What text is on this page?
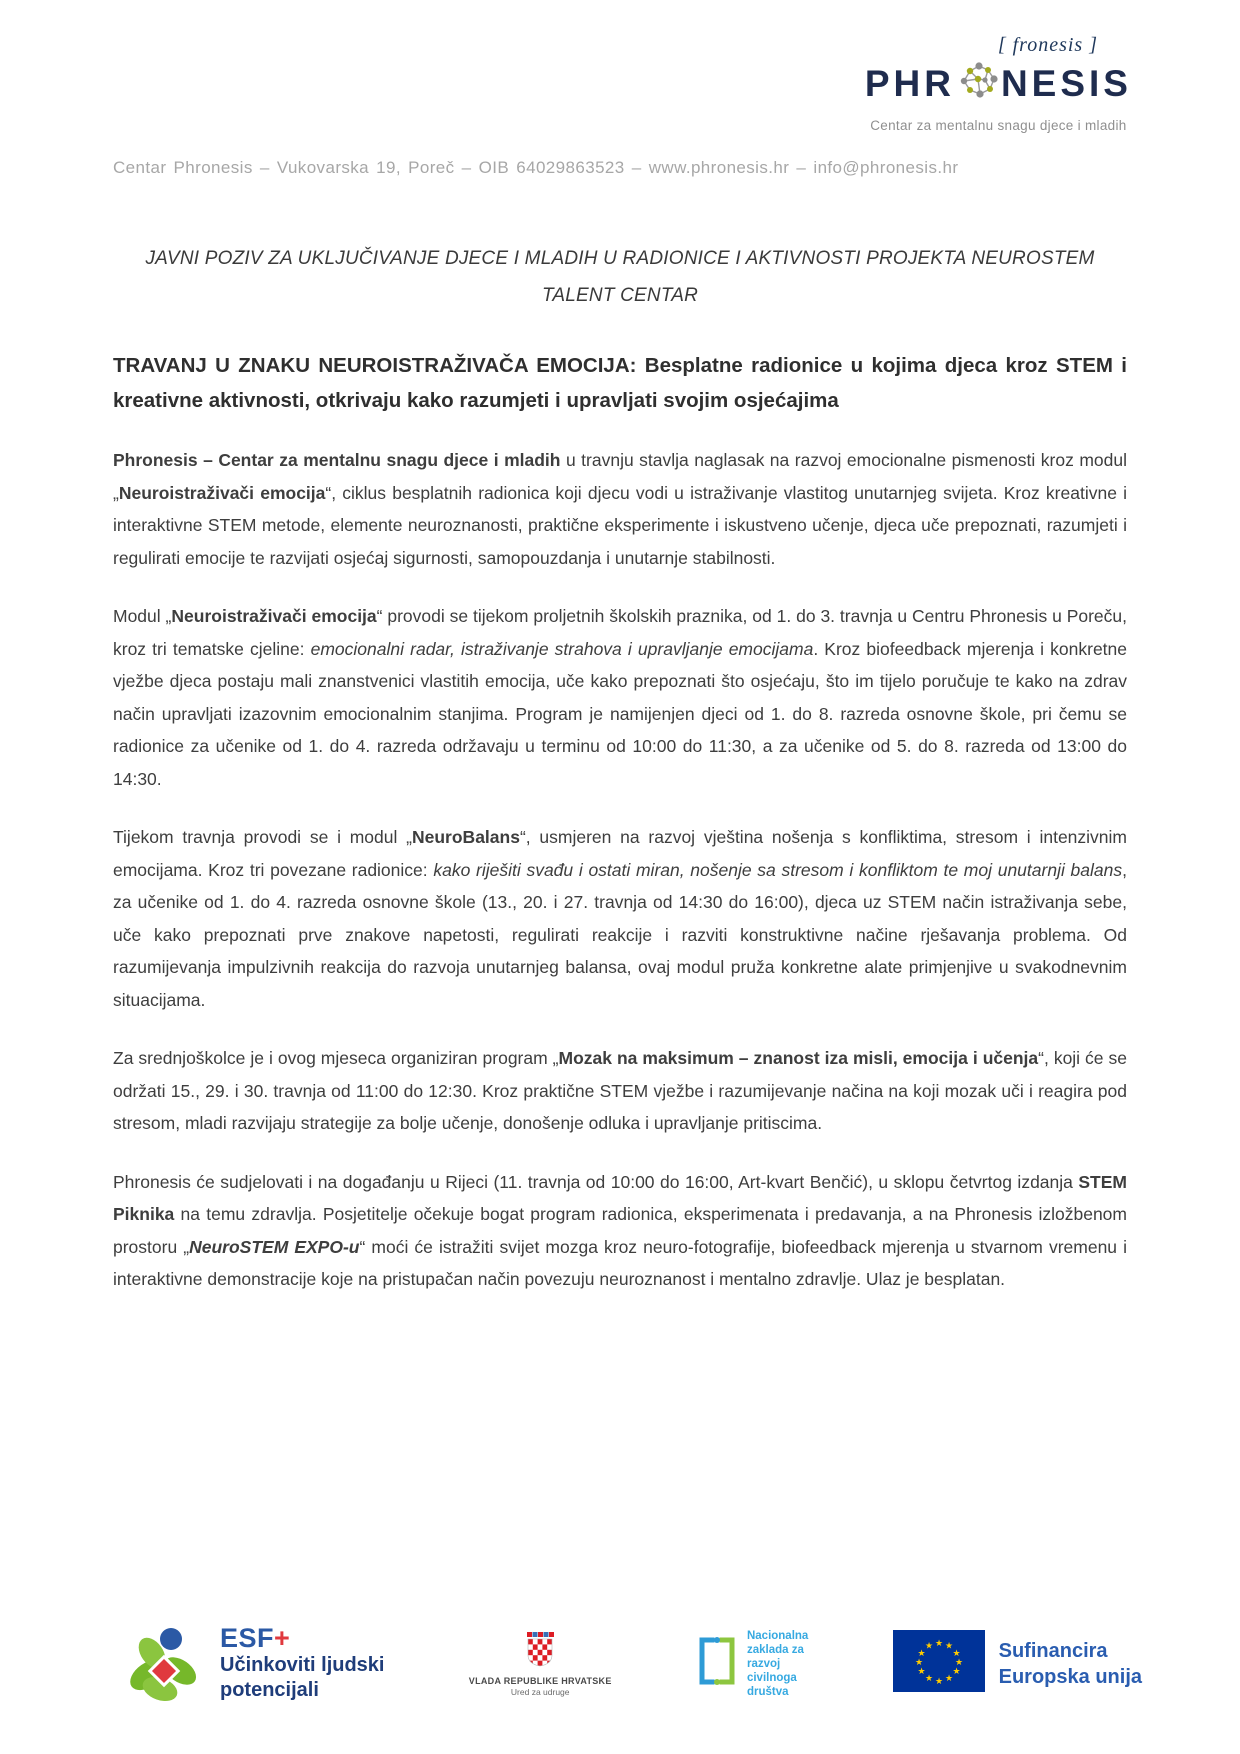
[ fronesis ]
PHR NESIS
Centar za mentalnu snagu djece i mladih
Centar Phronesis – Vukovarska 19, Poreč – OIB 64029863523 – www.phronesis.hr – info@phronesis.hr
JAVNI POZIV ZA UKLJUČIVANJE DJECE I MLADIH U RADIONICE I AKTIVNOSTI PROJEKTA NEUROSTEM TALENT CENTAR
TRAVANJ U ZNAKU NEUROISTRAŽIVAČA EMOCIJA: Besplatne radionice u kojima djeca kroz STEM i kreativne aktivnosti, otkrivaju kako razumjeti i upravljati svojim osjećajima

Phronesis – Centar za mentalnu snagu djece i mladih u travnju stavlja naglasak na razvoj emocionalne pismenosti kroz modul „Neuroistraživači emocija“, ciklus besplatnih radionica koji djecu vodi u istraživanje vlastitog unutarnjeg svijeta. Kroz kreativne i interaktivne STEM metode, elemente neuroznanosti, praktične eksperimente i iskustveno učenje, djeca uče prepoznati, razumjeti i regulirati emocije te razvijati osjećaj sigurnosti, samopouzdanja i unutarnje stabilnosti.

Modul „Neuroistraživači emocija“ provodi se tijekom proljetnih školskih praznika, od 1. do 3. travnja u Centru Phronesis u Poreču, kroz tri tematske cjeline: emocionalni radar, istraživanje strahova i upravljanje emocijama. Kroz biofeedback mjerenja i konkretne vježbe djeca postaju mali znanstvenici vlastitih emocija, uče kako prepoznati što osjećaju, što im tijelo poručuje te kako na zdrav način upravljati izazovnim emocionalnim stanjima. Program je namijenjen djeci od 1. do 8. razreda osnovne škole, pri čemu se radionice za učenike od 1. do 4. razreda održavaju u terminu od 10:00 do 11:30, a za učenike od 5. do 8. razreda od 13:00 do 14:30.

Tijekom travnja provodi se i modul „NeuroBalans“, usmjeren na razvoj vještina nošenja s konfliktima, stresom i intenzivnim emocijama. Kroz tri povezane radionice: kako riješiti svađu i ostati miran, nošenje sa stresom i konfliktom te moj unutarnji balans, za učenike od 1. do 4. razreda osnovne škole (13., 20. i 27. travnja od 14:30 do 16:00), djeca uz STEM način istraživanja sebe, uče kako prepoznati prve znakove napetosti, regulirati reakcije i razviti konstruktivne načine rješavanja problema. Od razumijevanja impulzivnih reakcija do razvoja unutarnjeg balansa, ovaj modul pruža konkretne alate primjenjive u svakodnevnim situacijama.

Za srednjoškolce je i ovog mjeseca organiziran program „Mozak na maksimum – znanost iza misli, emocija i učenja“, koji će se održati 15., 29. i 30. travnja od 11:00 do 12:30. Kroz praktične STEM vježbe i razumijevanje načina na koji mozak uči i reagira pod stresom, mladi razvijaju strategije za bolje učenje, donošenje odluka i upravljanje pritiscima.

Phronesis će sudjelovati i na događanju u Rijeci (11. travnja od 10:00 do 16:00, Art-kvart Benčić), u sklopu četvrtog izdanja STEM Piknika na temu zdravlja. Posjetitelje očekuje bogat program radionica, eksperimenata i predavanja, a na Phronesis izložbenom prostoru „NeuroSTEM EXPO-u“ moći će istražiti svijet mozga kroz neuro-fotografije, biofeedback mjerenja u stvarnom vremenu i interaktivne demonstracije koje na pristupačan način povezuju neuroznanost i mentalno zdravlje. Ulaz je besplatan.

ESF+
Učinkoviti ljudski
potencijali	VLADA REPUBLIKE HRVATSKE
Ured za udruge
Nacionalna
zaklada za
razvoj
civilnoga
društva
★ ★
★
★
★
★
★
★
★
★
★
★	Sufinancira
Europska unija
